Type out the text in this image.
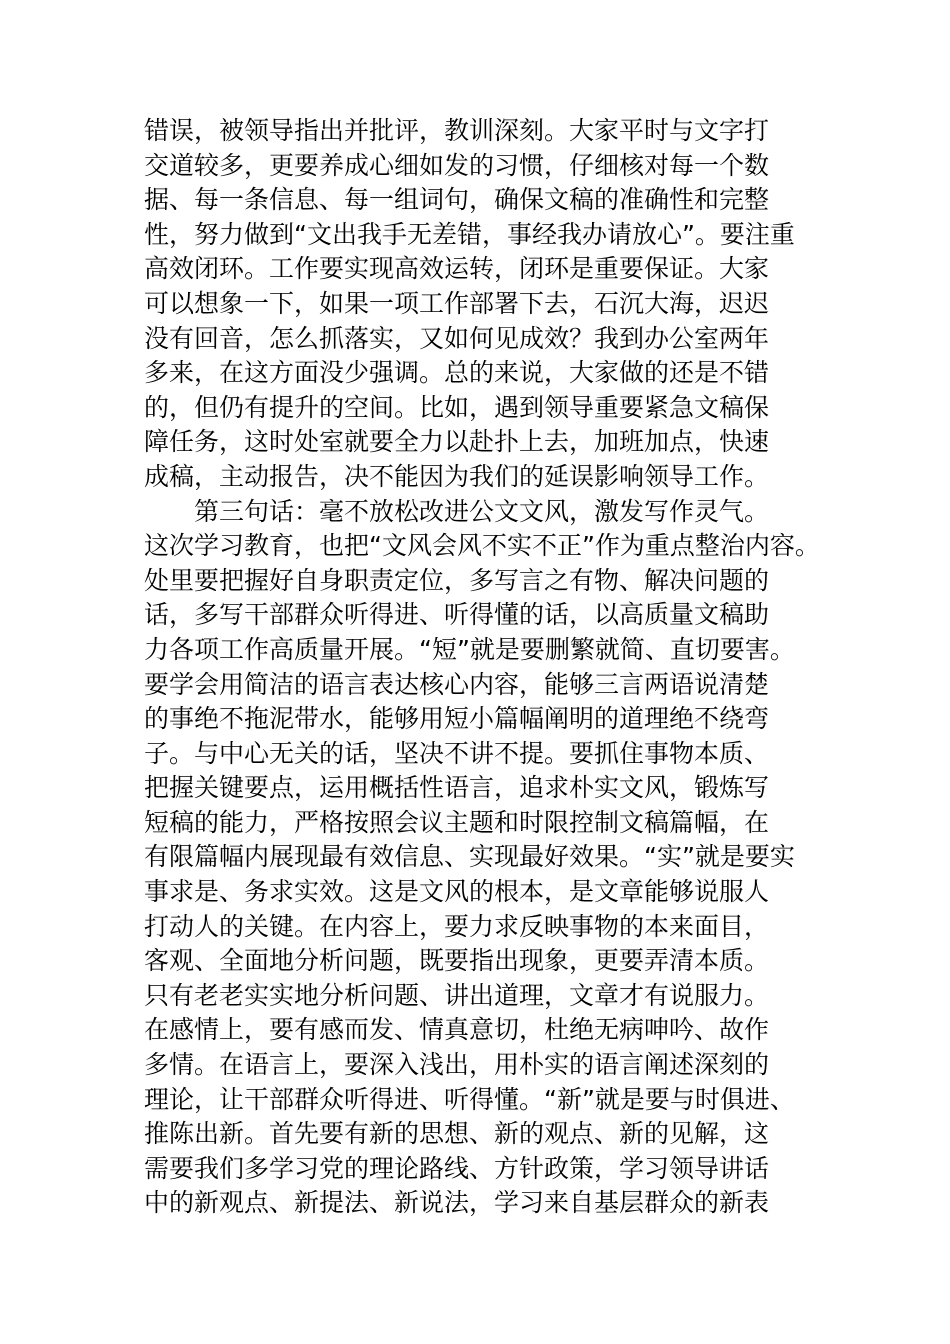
错误，被领导指出并批评，教训深刻。大家平时与文字打
交道较多，更要养成心细如发的习惯，仔细核对每一个数
据、每一条信息、每一组词句，确保文稿的准确性和完整
性，努力做到“文出我手无差错，事经我办请放心”。要注重
高效闭环。工作要实现高效运转，闭环是重要保证。大家
可以想象一下，如果一项工作部署下去，石沉大海，迟迟
没有回音，怎么抓落实，又如何见成效？我到办公室两年
多来，在这方面没少强调。总的来说，大家做的还是不错
的，但仍有提升的空间。比如，遇到领导重要紧急文稿保
障任务，这时处室就要全力以赴扑上去，加班加点，快速
成稿，主动报告，决不能因为我们的延误影响领导工作。
第三句话：毫不放松改进公文文风，激发写作灵气。
这次学习教育，也把“文风会风不实不正”作为重点整治内容。
处里要把握好自身职责定位，多写言之有物、解决问题的
话，多写干部群众听得进、听得懂的话，以高质量文稿助
力各项工作高质量开展。“短”就是要删繁就简、直切要害。
要学会用简洁的语言表达核心内容，能够三言两语说清楚
的事绝不拖泥带水，能够用短小篇幅阐明的道理绝不绕弯
子。与中心无关的话，坚决不讲不提。要抓住事物本质、
把握关键要点，运用概括性语言，追求朴实文风，锻炼写
短稿的能力，严格按照会议主题和时限控制文稿篇幅，在
有限篇幅内展现最有效信息、实现最好效果。“实”就是要实
事求是、务求实效。这是文风的根本，是文章能够说服人
打动人的关键。在内容上，要力求反映事物的本来面目，
客观、全面地分析问题，既要指出现象，更要弄清本质。
只有老老实实地分析问题、讲出道理，文章才有说服力。
在感情上，要有感而发、情真意切，杜绝无病呻吟、故作
多情。在语言上，要深入浅出，用朴实的语言阐述深刻的
理论，让干部群众听得进、听得懂。“新”就是要与时俱进、
推陈出新。首先要有新的思想、新的观点、新的见解，这
需要我们多学习党的理论路线、方针政策，学习领导讲话
中的新观点、新提法、新说法，学习来自基层群众的新表
